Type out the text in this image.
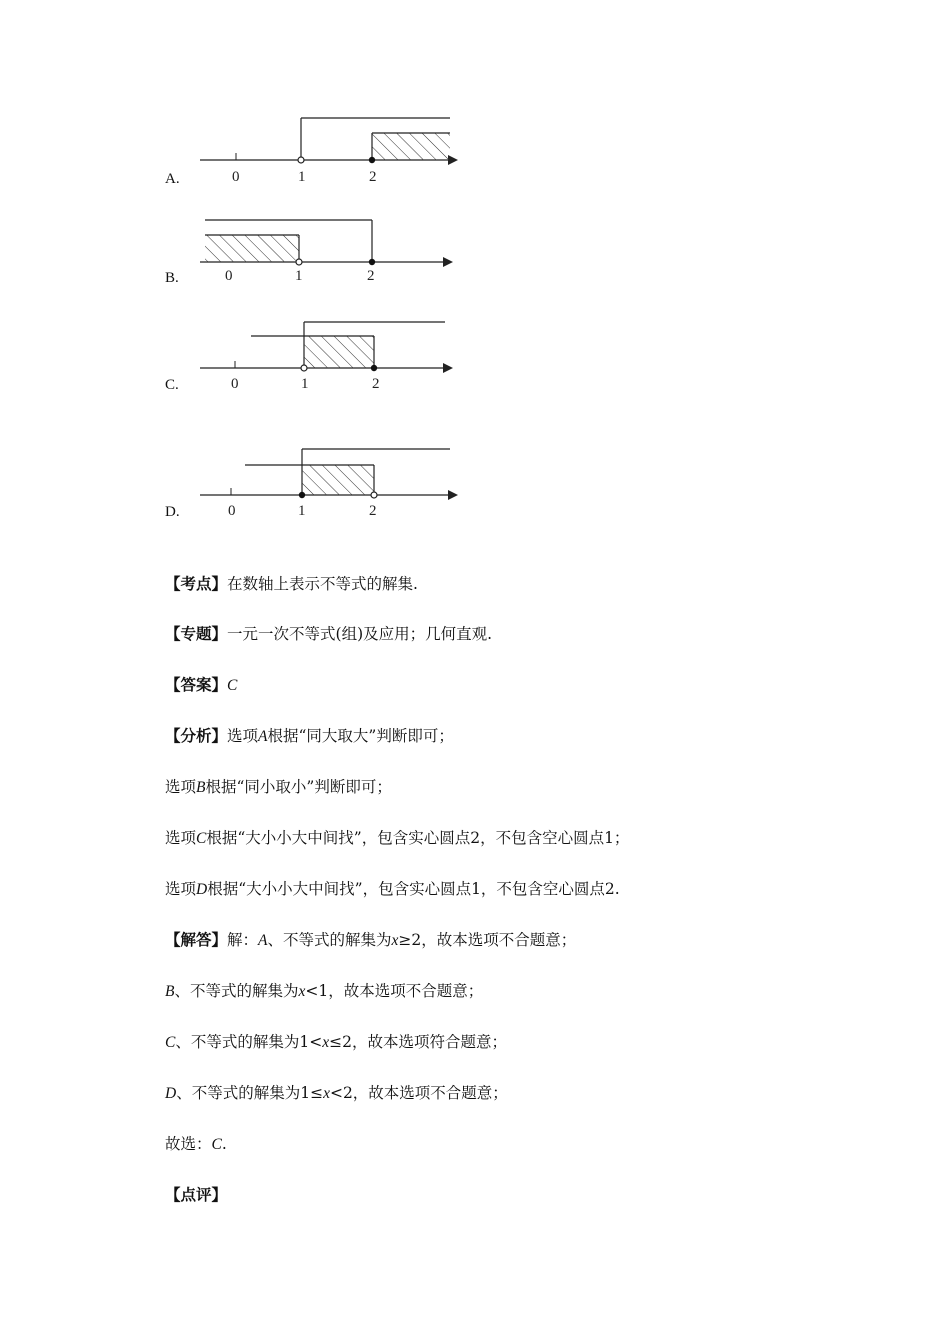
A.	0	1	2
B.	0	1	2
C.	0	1	2
D.	0	1	2
【考点】在数轴上表示不等式的解集.
【专题】一元一次不等式(组)及应用；几何直观.
【答案】C
【分析】选项A根据“同大取大”判断即可；
选项B根据“同小取小”判断即可；
选项C根据“大小小大中间找”，包含实心圆点2，不包含空心圆点1；
选项D根据“大小小大中间找”，包含实心圆点1，不包含空心圆点2.
【解答】解：A、不等式的解集为x≥2，故本选项不合题意；
B、不等式的解集为x<1，故本选项不合题意；
C、不等式的解集为1<x≤2，故本选项符合题意；
D、不等式的解集为1≤x<2，故本选项不合题意；
故选：C.
【点评】
